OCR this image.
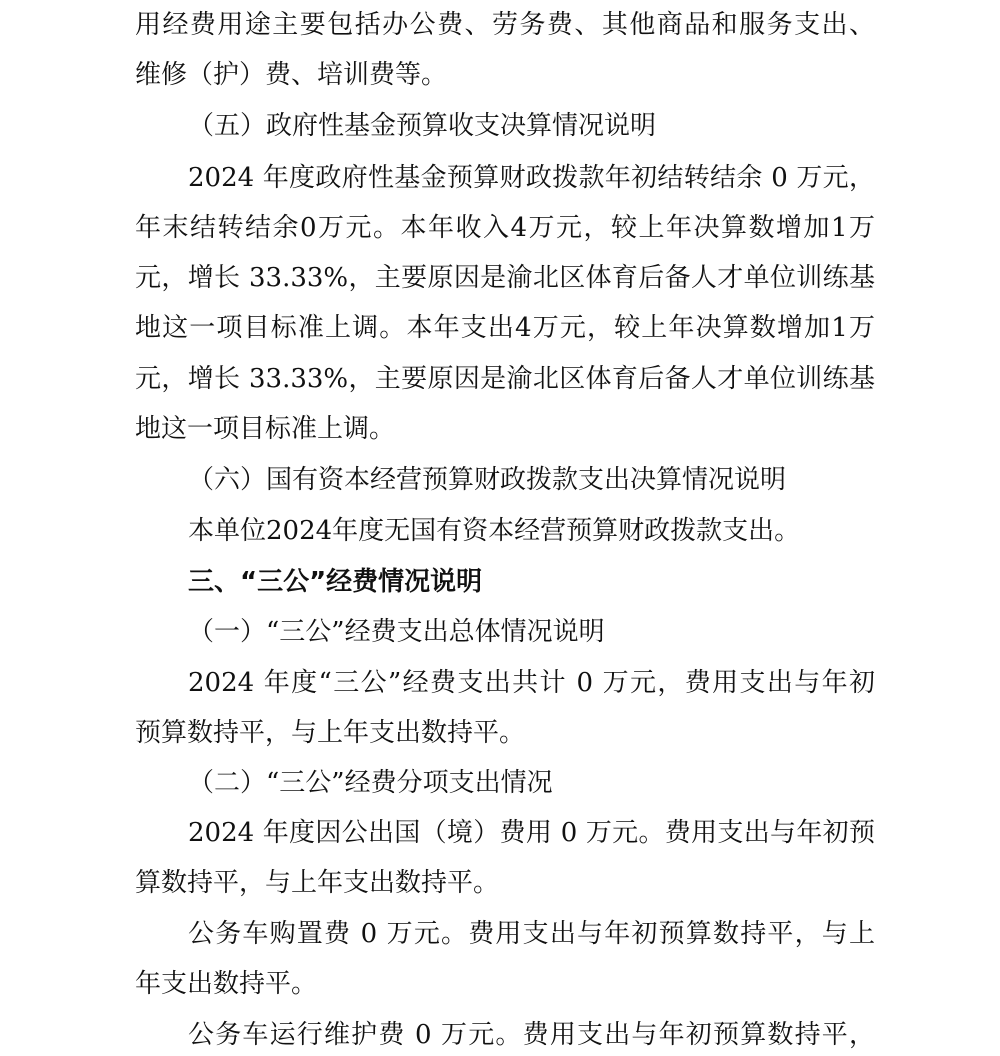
用经费用途主要包括办公费、劳务费、其他商品和服务支出、

维修（护）费、培训费等。

（五）政府性基金预算收支决算情况说明

2024 年度政府性基金预算财政拨款年初结转结余 0 万元，

年末结转结余0万元。本年收入4万元，较上年决算数增加1万

元，增长 33.33%，主要原因是渝北区体育后备人才单位训练基

地这一项目标准上调。本年支出4万元，较上年决算数增加1万

元，增长 33.33%，主要原因是渝北区体育后备人才单位训练基

地这一项目标准上调。

（六）国有资本经营预算财政拨款支出决算情况说明

本单位2024年度无国有资本经营预算财政拨款支出。

三、“三公”经费情况说明

（一）“三公”经费支出总体情况说明

2024 年度“三公”经费支出共计 0 万元，费用支出与年初

预算数持平，与上年支出数持平。

（二）“三公”经费分项支出情况

2024 年度因公出国（境）费用 0 万元。费用支出与年初预

算数持平，与上年支出数持平。

公务车购置费 0 万元。费用支出与年初预算数持平，与上

年支出数持平。

公务车运行维护费 0 万元。费用支出与年初预算数持平，
